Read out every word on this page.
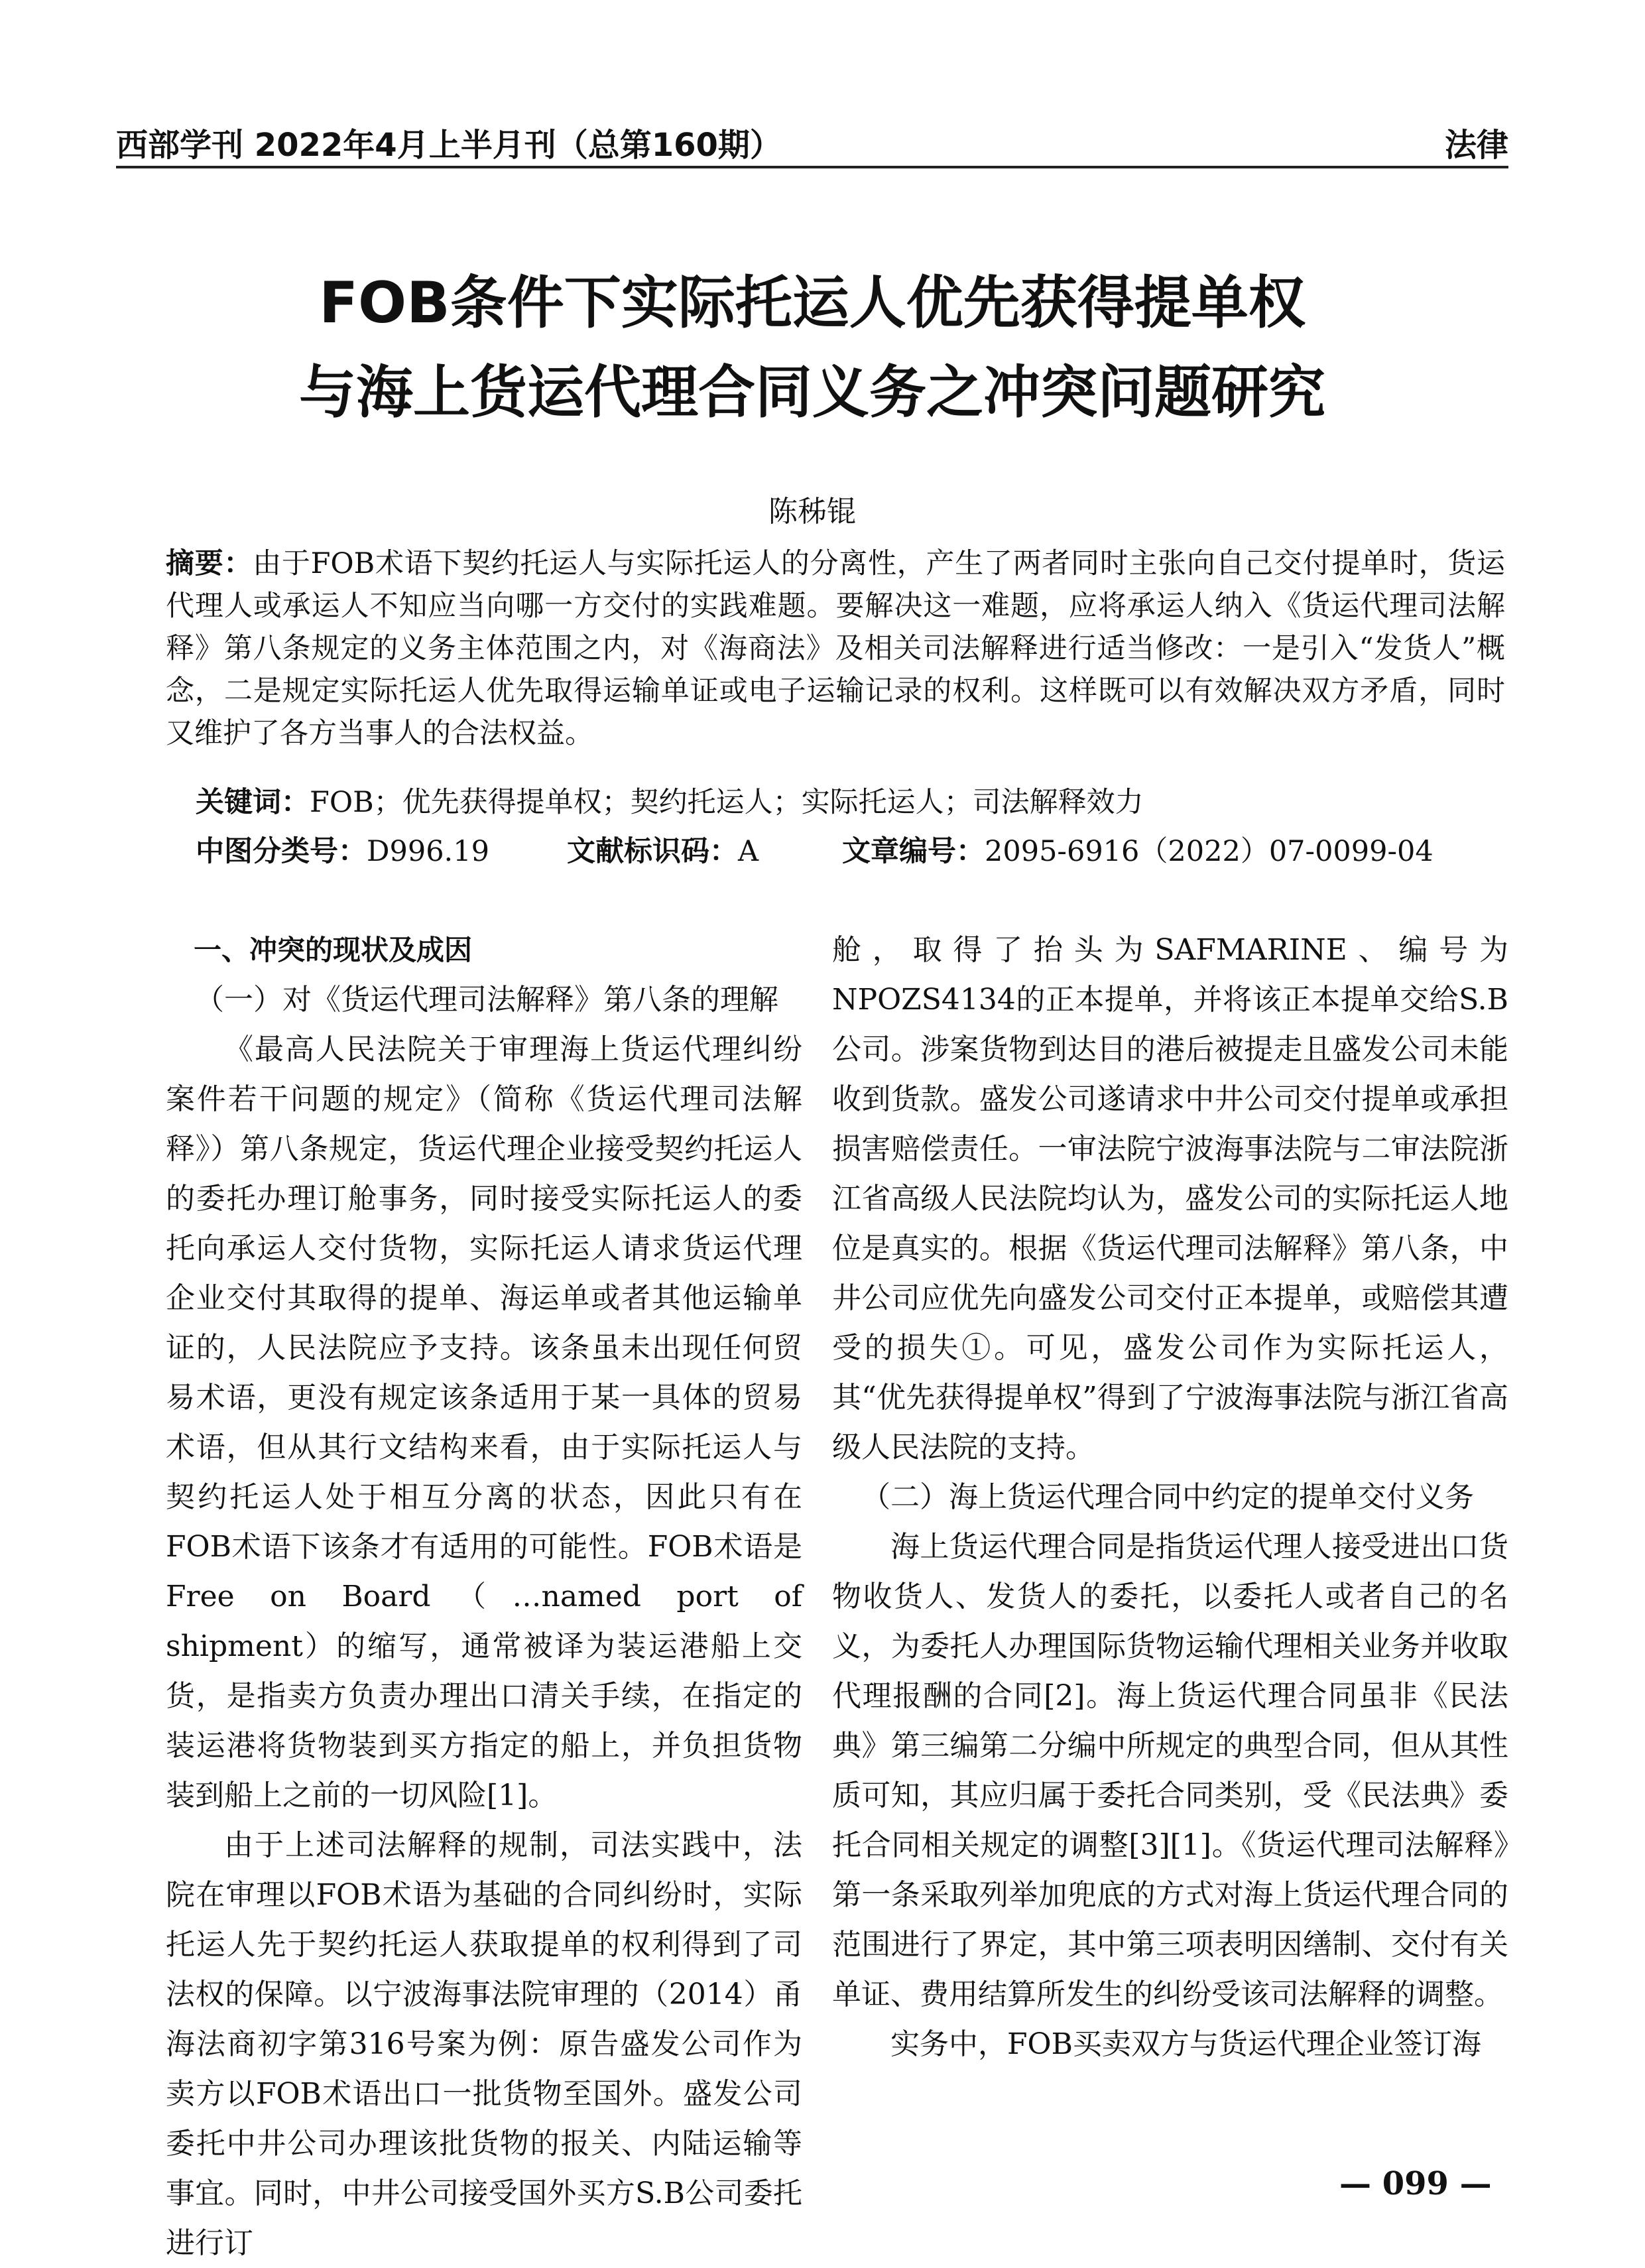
西部学刊 2022年4月上半月刊（总第160期）	法律
FOB条件下实际托运人优先获得提单权
与海上货运代理合同义务之冲突问题研究
陈秭锟
摘要：由于FOB术语下契约托运人与实际托运人的分离性，产生了两者同时主张向自己交付提单时，货运代理人或承运人不知应当向哪一方交付的实践难题。要解决这一难题，应将承运人纳入《货运代理司法解释》第八条规定的义务主体范围之内，对《海商法》及相关司法解释进行适当修改：一是引入“发货人”概念，二是规定实际托运人优先取得运输单证或电子运输记录的权利。这样既可以有效解决双方矛盾，同时又维护了各方当事人的合法权益。
关键词：FOB；优先获得提单权；契约托运人；实际托运人；司法解释效力
中图分类号：D996.19	文献标识码：A	文章编号：2095-6916（2022）07-0099-04

一、冲突的现状及成因

（一）对《货运代理司法解释》第八条的理解

《最高人民法院关于审理海上货运代理纠纷案件若干问题的规定》（简称《货运代理司法解释》）第八条规定，货运代理企业接受契约托运人的委托办理订舱事务，同时接受实际托运人的委托向承运人交付货物，实际托运人请求货运代理企业交付其取得的提单、海运单或者其他运输单证的，人民法院应予支持。该条虽未出现任何贸易术语，更没有规定该条适用于某一具体的贸易术语，但从其行文结构来看，由于实际托运人与契约托运人处于相互分离的状态，因此只有在FOB术语下该条才有适用的可能性。FOB术语是Free on Board（…named port of shipment）的缩写，通常被译为装运港船上交货，是指卖方负责办理出口清关手续，在指定的装运港将货物装到买方指定的船上，并负担货物装到船上之前的一切风险[1]。

由于上述司法解释的规制，司法实践中，法院在审理以FOB术语为基础的合同纠纷时，实际托运人先于契约托运人获取提单的权利得到了司法权的保障。以宁波海事法院审理的（2014）甬海法商初字第316号案为例：原告盛发公司作为卖方以FOB术语出口一批货物至国外。盛发公司委托中井公司办理该批货物的报关、内陆运输等事宜。同时，中井公司接受国外买方S.B公司委托进行订

舱，取得了抬头为SAFMARINE、编号为NPOZS4134的正本提单，并将该正本提单交给S.B公司。涉案货物到达目的港后被提走且盛发公司未能收到货款。盛发公司遂请求中井公司交付提单或承担损害赔偿责任。一审法院宁波海事法院与二审法院浙江省高级人民法院均认为，盛发公司的实际托运人地位是真实的。根据《货运代理司法解释》第八条，中井公司应优先向盛发公司交付正本提单，或赔偿其遭受的损失①。可见，盛发公司作为实际托运人，其“优先获得提单权”得到了宁波海事法院与浙江省高级人民法院的支持。

（二）海上货运代理合同中约定的提单交付义务

海上货运代理合同是指货运代理人接受进出口货物收货人、发货人的委托，以委托人或者自己的名义，为委托人办理国际货物运输代理相关业务并收取代理报酬的合同[2]。海上货运代理合同虽非《民法典》第三编第二分编中所规定的典型合同，但从其性质可知，其应归属于委托合同类别，受《民法典》委托合同相关规定的调整[3][1]。《货运代理司法解释》第一条采取列举加兜底的方式对海上货运代理合同的范围进行了界定，其中第三项表明因缮制、交付有关单证、费用结算所发生的纠纷受该司法解释的调整。

实务中，FOB买卖双方与货运代理企业签订海

— 099 —
